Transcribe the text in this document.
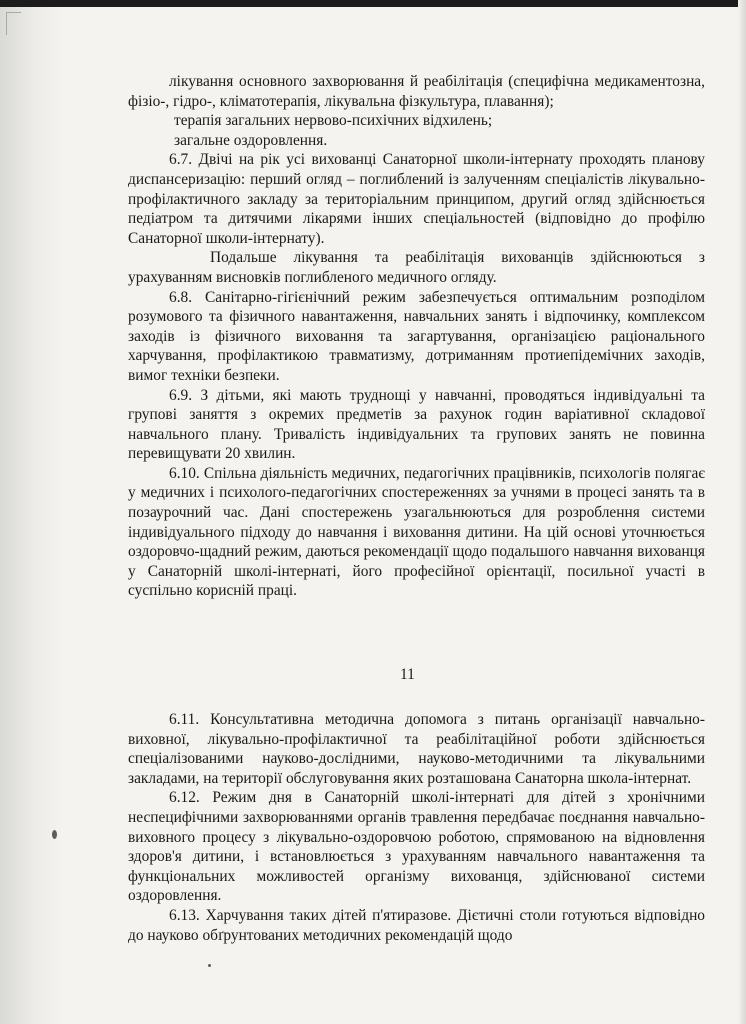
лікування основного захворювання й реабілітація (специфічна медикаментозна, фізіо-, гідро-, кліматотерапія, лікувальна фізкультура, плавання);

терапія загальних нервово-психічних відхилень;

загальне оздоровлення.

6.7. Двічі на рік усі вихованці Санаторної школи-інтернату проходять планову диспансеризацію: перший огляд – поглиблений із залученням спеціалістів лікувально-профілактичного закладу за територіальним принципом, другий огляд здійснюється педіатром та дитячими лікарями інших спеціальностей (відповідно до профілю Санаторної школи-інтернату).

Подальше лікування та реабілітація вихованців здійснюються з урахуванням висновків поглибленого медичного огляду.

6.8. Санітарно-гігієнічний режим забезпечується оптимальним розподілом розумового та фізичного навантаження, навчальних занять і відпочинку, комплексом заходів із фізичного виховання та загартування, організацією раціонального харчування, профілактикою травматизму, дотриманням протиепідемічних заходів, вимог техніки безпеки.

6.9. З дітьми, які мають труднощі у навчанні, проводяться індивідуальні та групові заняття з окремих предметів за рахунок годин варіативної складової навчального плану. Тривалість індивідуальних та групових занять не повинна перевищувати 20 хвилин.

6.10. Спільна діяльність медичних, педагогічних працівників, психологів полягає у медичних і психолого-педагогічних спостереженнях за учнями в процесі занять та в позаурочний час. Дані спостережень узагальнюються для розроблення системи індивідуального підходу до навчання і виховання дитини. На цій основі уточнюється оздоровчо-щадний режим, даються рекомендації щодо подальшого навчання вихованця у Санаторній школі-інтернаті, його професійної орієнтації, посильної участі в суспільно корисній праці.

11

6.11. Консультативна методична допомога з питань організації навчально-виховної, лікувально-профілактичної та реабілітаційної роботи здійснюється спеціалізованими науково-дослідними, науково-методичними та лікувальними закладами, на території обслуговування яких розташована Санаторна школа-інтернат.

6.12. Режим дня в Санаторній школі-інтернаті для дітей з хронічними неспецифічними захворюваннями органів травлення передбачає поєднання навчально-виховного процесу з лікувально-оздоровчою роботою, спрямованою на відновлення здоров'я дитини, і встановлюється з урахуванням навчального навантаження та функціональних можливостей організму вихованця, здійснюваної системи оздоровлення.

6.13. Харчування таких дітей п'ятиразове. Дієтичні столи готуються відповідно до науково обґрунтованих методичних рекомендацій щодо
